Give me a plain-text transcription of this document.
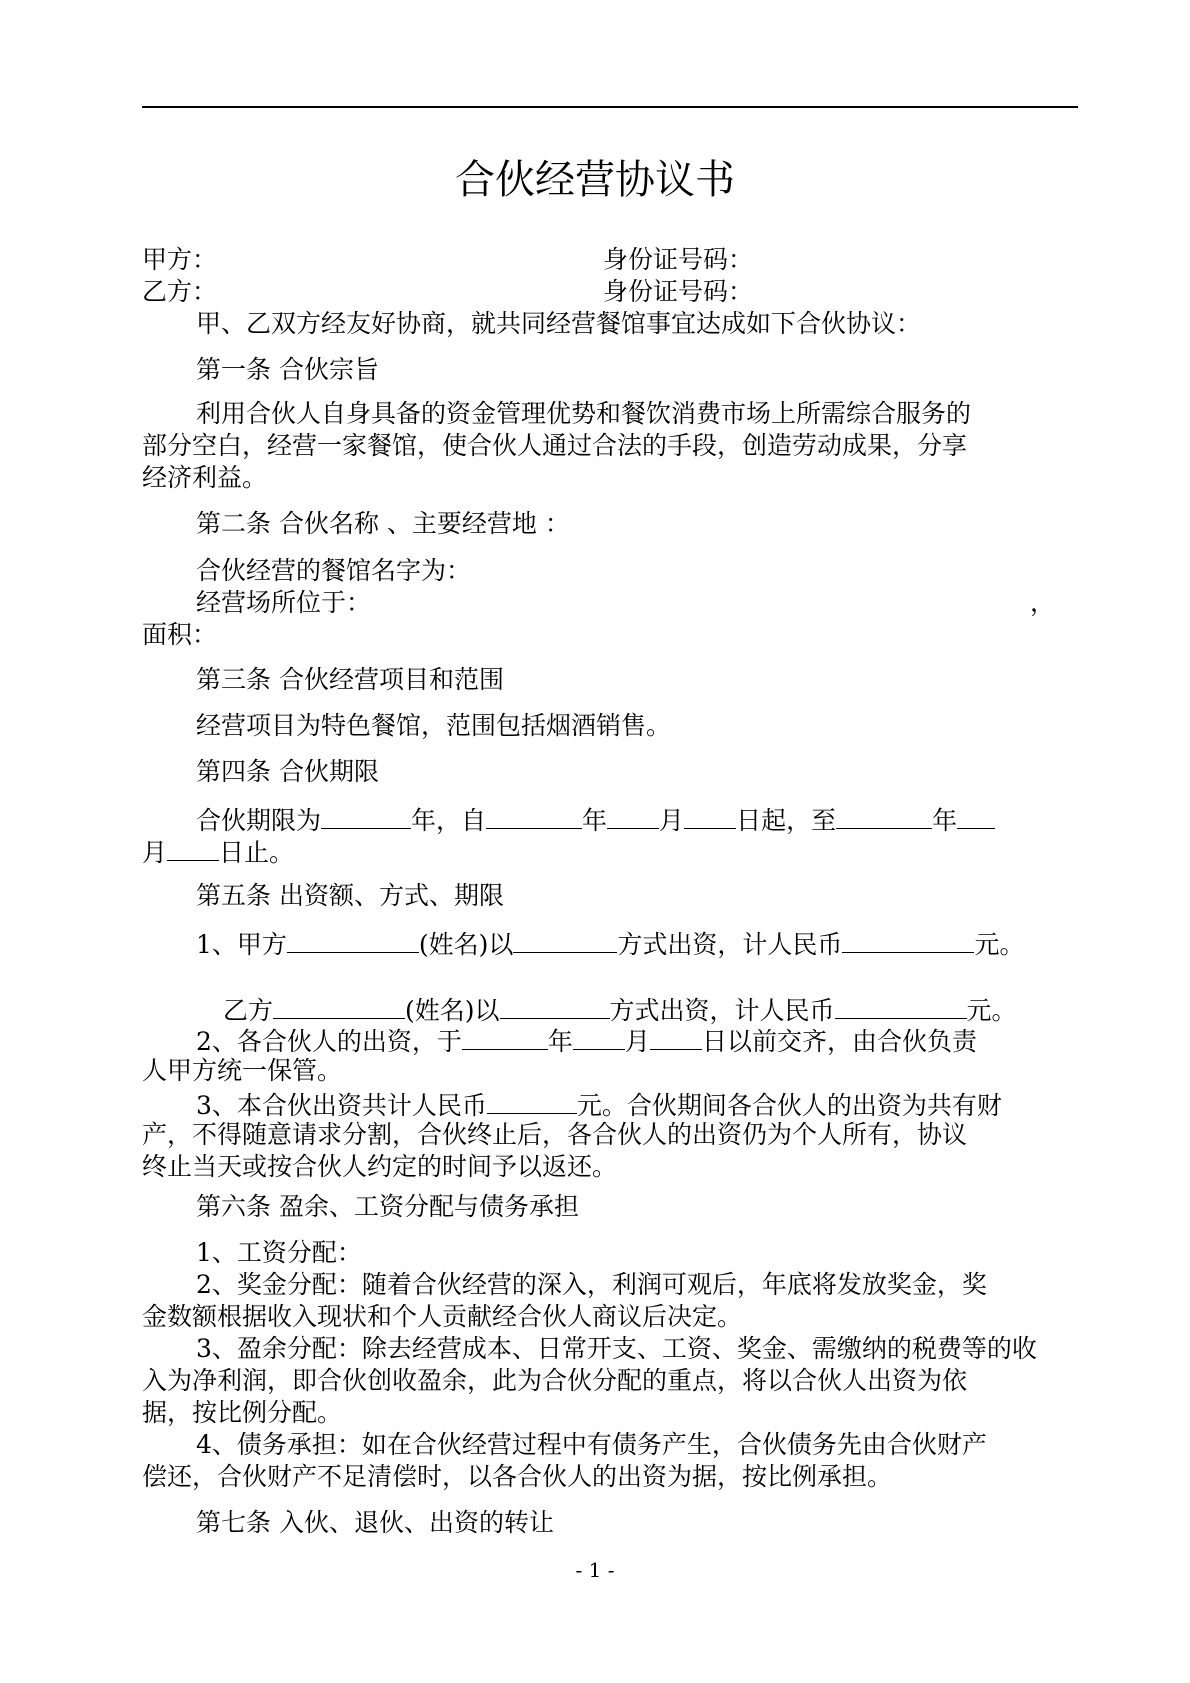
合伙经营协议书
甲方：	身份证号码：
乙方：	身份证号码：
甲、乙双方经友好协商，就共同经营餐馆事宜达成如下合伙协议：
第一条 合伙宗旨
利用合伙人自身具备的资金管理优势和餐饮消费市场上所需综合服务的
部分空白，经营一家餐馆，使合伙人通过合法的手段，创造劳动成果，分享
经济利益。
第二条 合伙名称 、主要经营地 ：
合伙经营的餐馆名字为：
经营场所位于：
面积：
，
第三条 合伙经营项目和范围
经营项目为特色餐馆，范围包括烟酒销售。
第四条 合伙期限
合伙期限为	年，自	年 月 日起，至	年
月 日止。
第五条 出资额、方式、期限
1、甲方	(姓名)以	方式出资，计人民币	元。
乙方	(姓名)以	方式出资，计人民币	元。
2、各合伙人的出资，于	年 月 日以前交齐，由合伙负责
人甲方统一保管。
3、本合伙出资共计人民币	元。合伙期间各合伙人的出资为共有财
产，不得随意请求分割，合伙终止后，各合伙人的出资仍为个人所有，协议
终止当天或按合伙人约定的时间予以返还。
第六条 盈余、工资分配与债务承担
1、工资分配：
2、奖金分配：随着合伙经营的深入，利润可观后，年底将发放奖金，奖
金数额根据收入现状和个人贡献经合伙人商议后决定。
3、盈余分配：除去经营成本、日常开支、工资、奖金、需缴纳的税费等的收
入为净利润，即合伙创收盈余，此为合伙分配的重点，将以合伙人出资为依
据，按比例分配。
4、债务承担：如在合伙经营过程中有债务产生，合伙债务先由合伙财产
偿还，合伙财产不足清偿时，以各合伙人的出资为据，按比例承担。
第七条 入伙、退伙、出资的转让
- 1 -
